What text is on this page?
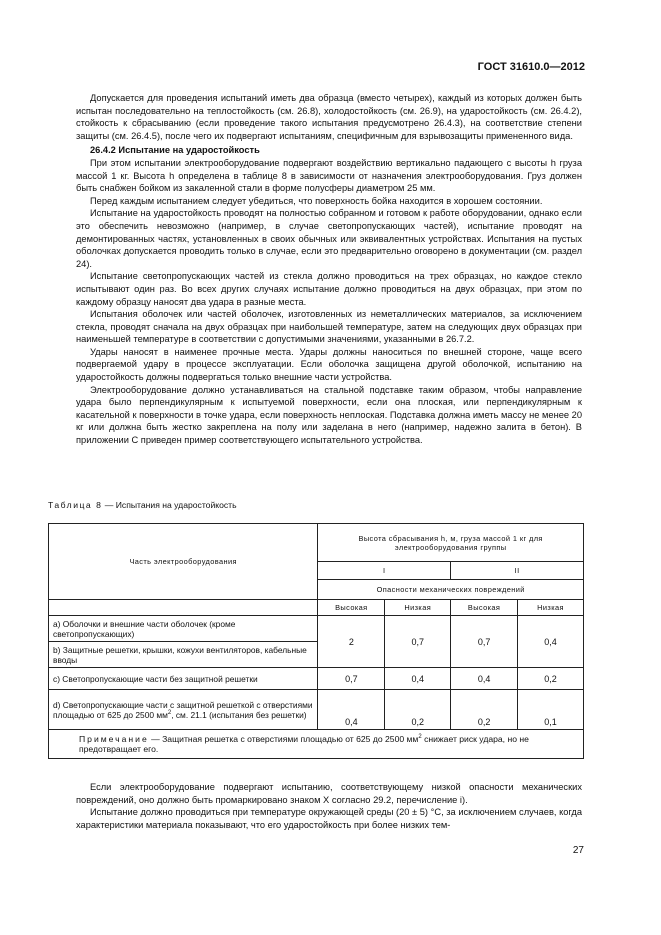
ГОСТ 31610.0—2012

Допускается для проведения испытаний иметь два образца (вместо четырех), каждый из которых должен быть испытан последовательно на теплостойкость (см. 26.8), холодостойкость (см. 26.9), на ударостойкость (см. 26.4.2), стойкость к сбрасыванию (если проведение такого испытания предусмотрено 26.4.3), на соответствие степени защиты (см. 26.4.5), после чего их подвергают испытаниям, специфичным для взрывозащиты примененного вида.

26.4.2 Испытание на ударостойкость

При этом испытании электрооборудование подвергают воздействию вертикально падающего с высоты h груза массой 1 кг. Высота h определена в таблице 8 в зависимости от назначения электрооборудования. Груз должен быть снабжен бойком из закаленной стали в форме полусферы диаметром 25 мм.

Перед каждым испытанием следует убедиться, что поверхность бойка находится в хорошем состоянии.

Испытание на ударостойкость проводят на полностью собранном и готовом к работе оборудовании, однако если это обеспечить невозможно (например, в случае светопропускающих частей), испытание проводят на демонтированных частях, установленных в своих обычных или эквивалентных устройствах. Испытания на пустых оболочках допускается проводить только в случае, если это предварительно оговорено в документации (см. раздел 24).

Испытание светопропускающих частей из стекла должно проводиться на трех образцах, но каждое стекло испытывают один раз. Во всех других случаях испытание должно проводиться на двух образцах, при этом по каждому образцу наносят два удара в разные места.

Испытания оболочек или частей оболочек, изготовленных из неметаллических материалов, за исключением стекла, проводят сначала на двух образцах при наибольшей температуре, затем на следующих двух образцах при наименьшей температуре в соответствии с допустимыми значениями, указанными в 26.7.2.

Удары наносят в наименее прочные места. Удары должны наноситься по внешней стороне, чаще всего подвергаемой удару в процессе эксплуатации. Если оболочка защищена другой оболочкой, испытанию на ударостойкость должны подвергаться только внешние части устройства.

Электрооборудование должно устанавливаться на стальной подставке таким образом, чтобы направление удара было перпендикулярным к испытуемой поверхности, если она плоская, или перпендикулярным к касательной к поверхности в точке удара, если поверхность неплоская. Подставка должна иметь массу не менее 20 кг или должна быть жестко закреплена на полу или заделана в него (например, надежно залита в бетон). В приложении С приведен пример соответствующего испытательного устройства.

Таблица 8 — Испытания на ударостойкость
Часть электрооборудования	Высота сбрасывания h, м, груза массой 1 кг для электрооборудования группы			
	I		II	
	Опасности механических повреждений			
	Высокая	Низкая	Высокая	Низкая
а) Оболочки и внешние части оболочек (кроме светопропускающих)	2	0,7	0,7	0,4
b) Защитные решетки, крышки, кожухи вентиляторов, кабельные вводы				
с) Светопропускающие части без защитной решетки	0,7	0,4	0,4	0,2
d) Светопропускающие части с защитной решеткой с отверстиями площадью от 625 до 2500 $мм^2$, см. 21.1 (испытания без решетки)	0,4	0,2	0,2	0,1
Примечание — Защитная решетка с отверстиями площадью от 625 до 2500 $мм^2$ снижает риск удара, но не предотвращает его.				

Если электрооборудование подвергают испытанию, соответствующему низкой опасности механических повреждений, оно должно быть промаркировано знаком X согласно 29.2, перечисление i).

Испытание должно проводиться при температуре окружающей среды (20 ± 5) °С, за исключением случаев, когда характеристики материала показывают, что его ударостойкость при более низких тем-

27
